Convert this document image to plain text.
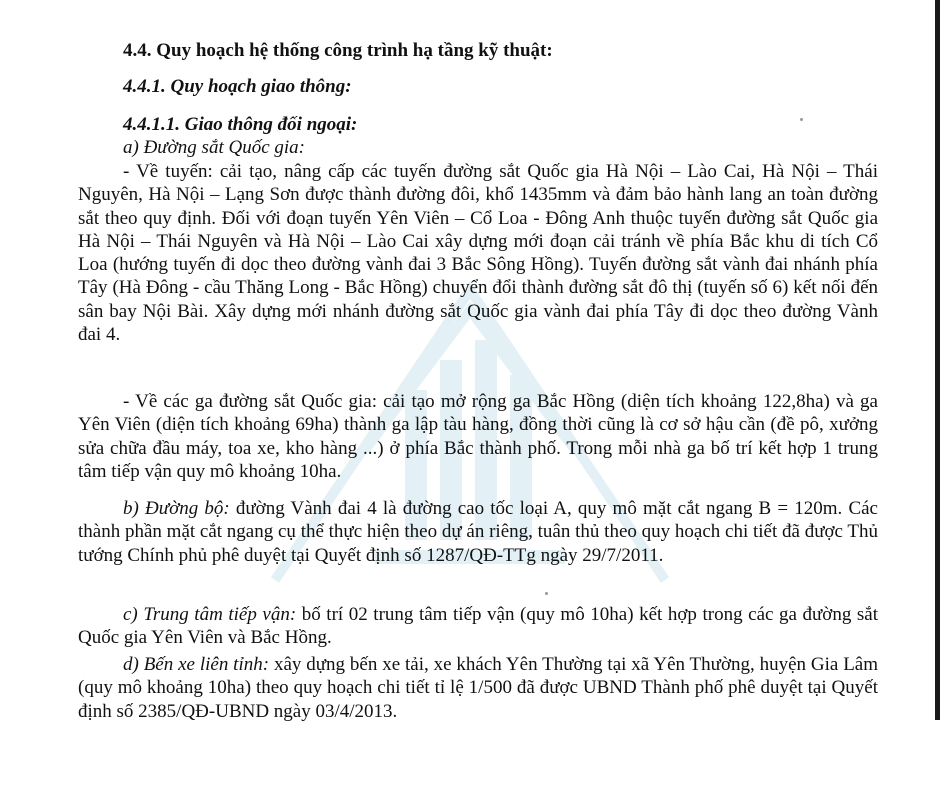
4.4. Quy hoạch hệ thống công trình hạ tầng kỹ thuật:
4.4.1. Quy hoạch giao thông:
4.4.1.1. Giao thông đối ngoại:
a) Đường sắt Quốc gia:
- Về tuyến: cải tạo, nâng cấp các tuyến đường sắt Quốc gia Hà Nội – Lào Cai, Hà Nội – Thái Nguyên, Hà Nội – Lạng Sơn được thành đường đôi, khổ 1435mm và đảm bảo hành lang an toàn đường sắt theo quy định. Đối với đoạn tuyến Yên Viên – Cổ Loa - Đông Anh thuộc tuyến đường sắt Quốc gia Hà Nội – Thái Nguyên và Hà Nội – Lào Cai xây dựng mới đoạn cải tránh về phía Bắc khu di tích Cổ Loa (hướng tuyến đi dọc theo đường vành đai 3 Bắc Sông Hồng). Tuyến đường sắt vành đai nhánh phía Tây (Hà Đông - cầu Thăng Long - Bắc Hồng) chuyển đổi thành đường sắt đô thị (tuyến số 6) kết nối đến sân bay Nội Bài. Xây dựng mới nhánh đường sắt Quốc gia vành đai phía Tây đi dọc theo đường Vành đai 4.
- Về các ga đường sắt Quốc gia: cải tạo mở rộng ga Bắc Hồng (diện tích khoảng 122,8ha) và ga Yên Viên (diện tích khoảng 69ha) thành ga lập tàu hàng, đồng thời cũng là cơ sở hậu cần (đề pô, xưởng sửa chữa đầu máy, toa xe, kho hàng ...) ở phía Bắc thành phố. Trong mỗi nhà ga bố trí kết hợp 1 trung tâm tiếp vận quy mô khoảng 10ha.
b) Đường bộ: đường Vành đai 4 là đường cao tốc loại A, quy mô mặt cắt ngang B = 120m. Các thành phần mặt cắt ngang cụ thể thực hiện theo dự án riêng, tuân thủ theo quy hoạch chi tiết đã được Thủ tướng Chính phủ phê duyệt tại Quyết định số 1287/QĐ-TTg ngày 29/7/2011.
c) Trung tâm tiếp vận: bố trí 02 trung tâm tiếp vận (quy mô 10ha) kết hợp trong các ga đường sắt Quốc gia Yên Viên và Bắc Hồng.
d) Bến xe liên tỉnh: xây dựng bến xe tải, xe khách Yên Thường tại xã Yên Thường, huyện Gia Lâm (quy mô khoảng 10ha) theo quy hoạch chi tiết tỉ lệ 1/500 đã được UBND Thành phố phê duyệt tại Quyết định số 2385/QĐ-UBND ngày 03/4/2013.
